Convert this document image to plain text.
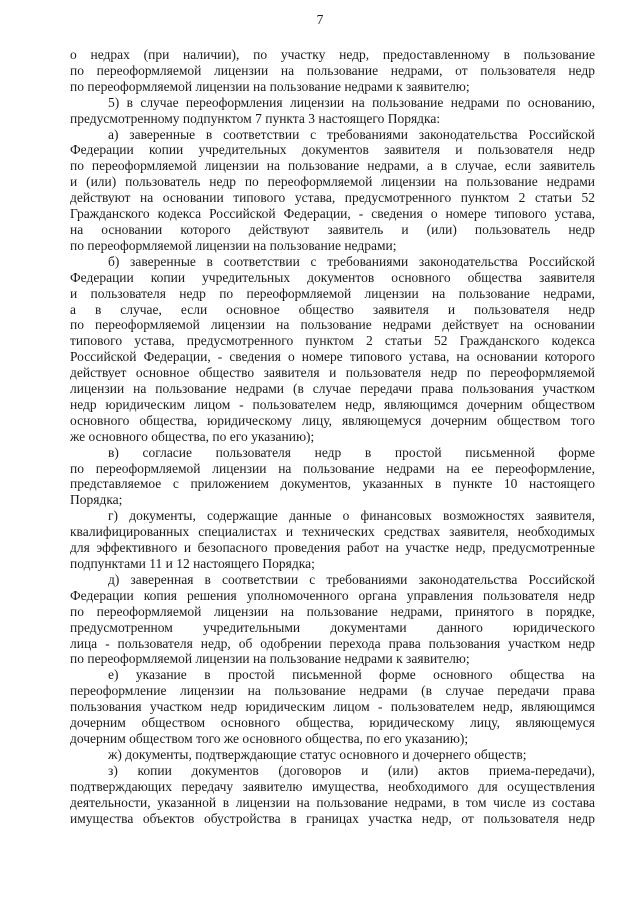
7
о недрах (при наличии), по участку недр, предоставленному в пользование
по переоформляемой лицензии на пользование недрами, от пользователя недр
по переоформляемой лицензии на пользование недрами к заявителю;
5) в случае переоформления лицензии на пользование недрами по основанию,
предусмотренному подпунктом 7 пункта 3 настоящего Порядка:
а) заверенные в соответствии с требованиями законодательства Российской
Федерации копии учредительных документов заявителя и пользователя недр
по переоформляемой лицензии на пользование недрами, а в случае, если заявитель
и (или) пользователь недр по переоформляемой лицензии на пользование недрами
действуют на основании типового устава, предусмотренного пунктом 2 статьи 52
Гражданского кодекса Российской Федерации, - сведения о номере типового устава,
на основании которого действуют заявитель и (или) пользователь недр
по переоформляемой лицензии на пользование недрами;
б) заверенные в соответствии с требованиями законодательства Российской
Федерации копии учредительных документов основного общества заявителя
и пользователя недр по переоформляемой лицензии на пользование недрами,
а в случае, если основное общество заявителя и пользователя недр
по переоформляемой лицензии на пользование недрами действует на основании
типового устава, предусмотренного пунктом 2 статьи 52 Гражданского кодекса
Российской Федерации, - сведения о номере типового устава, на основании которого
действует основное общество заявителя и пользователя недр по переоформляемой
лицензии на пользование недрами (в случае передачи права пользования участком
недр юридическим лицом - пользователем недр, являющимся дочерним обществом
основного общества, юридическому лицу, являющемуся дочерним обществом того
же основного общества, по его указанию);
в) согласие пользователя недр в простой письменной форме
по переоформляемой лицензии на пользование недрами на ее переоформление,
представляемое с приложением документов, указанных в пункте 10 настоящего
Порядка;
г) документы, содержащие данные о финансовых возможностях заявителя,
квалифицированных специалистах и технических средствах заявителя, необходимых
для эффективного и безопасного проведения работ на участке недр, предусмотренные
подпунктами 11 и 12 настоящего Порядка;
д) заверенная в соответствии с требованиями законодательства Российской
Федерации копия решения уполномоченного органа управления пользователя недр
по переоформляемой лицензии на пользование недрами, принятого в порядке,
предусмотренном учредительными документами данного юридического
лица - пользователя недр, об одобрении перехода права пользования участком недр
по переоформляемой лицензии на пользование недрами к заявителю;
е) указание в простой письменной форме основного общества на
переоформление лицензии на пользование недрами (в случае передачи права
пользования участком недр юридическим лицом - пользователем недр, являющимся
дочерним обществом основного общества, юридическому лицу, являющемуся
дочерним обществом того же основного общества, по его указанию);
ж) документы, подтверждающие статус основного и дочернего обществ;
з) копии документов (договоров и (или) актов приема-передачи),
подтверждающих передачу заявителю имущества, необходимого для осуществления
деятельности, указанной в лицензии на пользование недрами, в том числе из состава
имущества объектов обустройства в границах участка недр, от пользователя недр
